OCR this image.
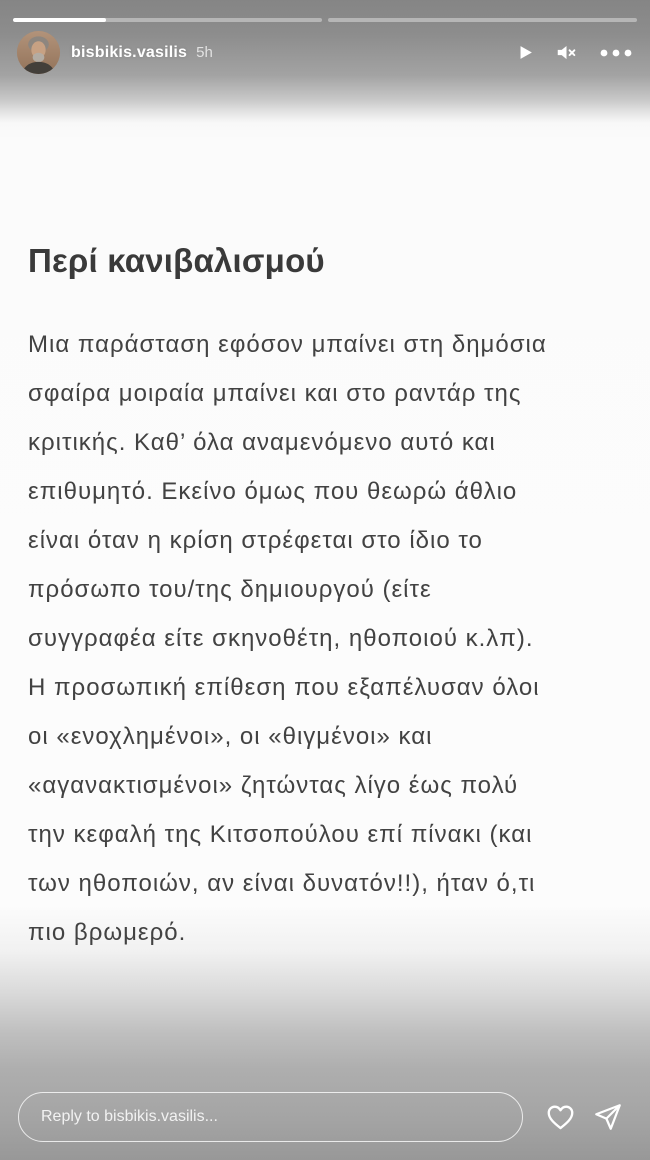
bisbikis.vasilis 5h
Περί κανιβαλισμού
Μια παράσταση εφόσον μπαίνει στη δημόσια
σφαίρα μοιραία μπαίνει και στο ραντάρ της
κριτικής. Καθ’ όλα αναμενόμενο αυτό και
επιθυμητό. Εκείνο όμως που θεωρώ άθλιο
είναι όταν η κρίση στρέφεται στο ίδιο το
πρόσωπο του/της δημιουργού (είτε
συγγραφέα είτε σκηνοθέτη, ηθοποιού κ.λπ).
Η προσωπική επίθεση που εξαπέλυσαν όλοι
οι «ενοχλημένοι», οι «θιγμένοι» και
«αγανακτισμένοι» ζητώντας λίγο έως πολύ
την κεφαλή της Κιτσοπούλου επί πίνακι (και
των ηθοποιών, αν είναι δυνατόν!!), ήταν ό,τι
πιο βρωμερό.
Reply to bisbikis.vasilis...
